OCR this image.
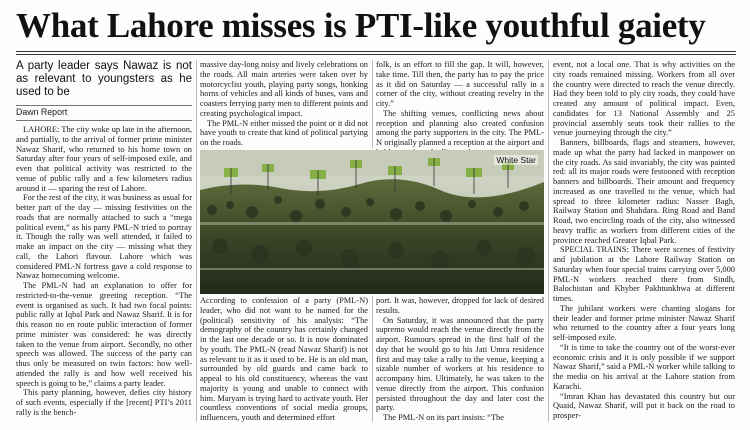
What Lahore misses is PTI-like youthful gaiety
A party leader says Nawaz is not as relevant to youngsters as he used to be
Dawn Report

LAHORE: The city woke up late in the afternoon, and partially, to the arrival of former prime minister Nawaz Sharif, who returned to his home town on Saturday after four years of self-imposed exile, and even that political activity was restricted to the venue of public rally and a few kilometers radius around it — sparing the rest of Lahore.

For the rest of the city, it was business as usual for better part of the day — missing festivities on the roads that are normally attached to such a “mega political event,” as his party PML-N tried to portray it. Though the rally was well attended, it failed to make an impact on the city — missing what they call, the Lahori flavour. Lahore which was considered PML-N fortress gave a cold response to Nawaz homecoming welcome.

The PML-N had an explanation to offer for restricted-to-the-venue greeting reception. “The event is organised as such. It had two focal points: public rally at Iqbal Park and Nawaz Sharif. It is for this reason no en route public interaction of former prime minister was considered: he was directly taken to the venue from airport. Secondly, no other speech was allowed. The success of the party can thus only be measured on twin factors: how well-attended the rally is and how well received his speech is going to be,” claims a party leader.

This party planning, however, defies city history of such events, especially if the [recent] PTI’s 2011 rally is the bench-

massive day-long noisy and lively celebrations on the roads. All main arteries were taken over by motorcyclist youth, playing party songs, honking horns of vehicles and all kinds of buses, vans and coasters ferrying party men to different points and creating psychological impact.

The PML-N either missed the point or it did not have youth to create that kind of political partying on the roads.

folk, is an effort to fill the gap. It will, however, take time. Till then, the party has to pay the price as it did on Saturday — a successful rally in a corner of the city, without creating revelry in the city.”

The shifting venues, conflicting news about reception and planning also created confusion among the party supporters in the city. The PML-N originally planned a reception at the airport and

White Star

According to confession of a party (PML-N) leader, who did not want to be named for the (political) sensitivity of his analysis: “The demography of the country has certainly changed in the last one decade or so. It is now dominated by youth. The PML-N (read Nawaz Sharif) is not as relevant to it as it used to be. He is an old man, surrounded by old guards and came back to appeal to his old constituency, whereas the vast majority is young and unable to connect with him. Maryam is trying hard to activate youth. Her countless conventions of social media groups, influencers, youth and determined effort

port. It was, however, dropped for lack of desired results.

On Saturday, it was announced that the party supremo would reach the venue directly from the airport. Rumours spread in the first half of the day that he would go to his Jati Umra residence first and may take a rally to the venue, keeping a sizable number of workers at his residence to accompany him. Ultimately, he was taken to the venue directly from the airport. This confusion persisted throughout the day and later cost the party.

The PML-N on its part insists: “The

event, not a local one. That is why activities on the city roads remained missing. Workers from all over the country were directed to reach the venue directly. Had they been told to ply city roads, they could have created any amount of political impact. Even, candidates for 13 National Assembly and 25 provincial assembly seats took their rallies to the venue journeying through the city.”

Banners, billboards, flags and steamers, however, made up what the party had lacked in manpower on the city roads. As said invariably, the city was painted red: all its major roads were festooned with reception banners and billboards. Their amount and frequency increased as one travelled to the venue, which had spread to three kilometer radius: Nasser Bagh, Railway Station and Shahdara. Ring Road and Band Road, two encircling roads of the city, also witnessed heavy traffic as workers from different cities of the province reached Greater Iqbal Park.

SPECIAL TRAINS: There were scenes of festivity and jubilation at the Lahore Railway Station on Saturday when four special trains carrying over 5,000 PML-N workers reached there from Sindh, Balochistan and Khyber Pakhtunkhwa at different times.

The jubilant workers were chanting slogans for their leader and former prime minister Nawaz Sharif who returned to the country after a four years long self-imposed exile.

“It is time to take the country out of the worst-ever economic crisis and it is only possible if we support Nawaz Sharif,” said a PML-N worker while talking to the media on his arrival at the Lahore station from Karachi.

“Imran Khan has devastated this country but our Quaid, Nawaz Sharif, will put it back on the road to prosper-
